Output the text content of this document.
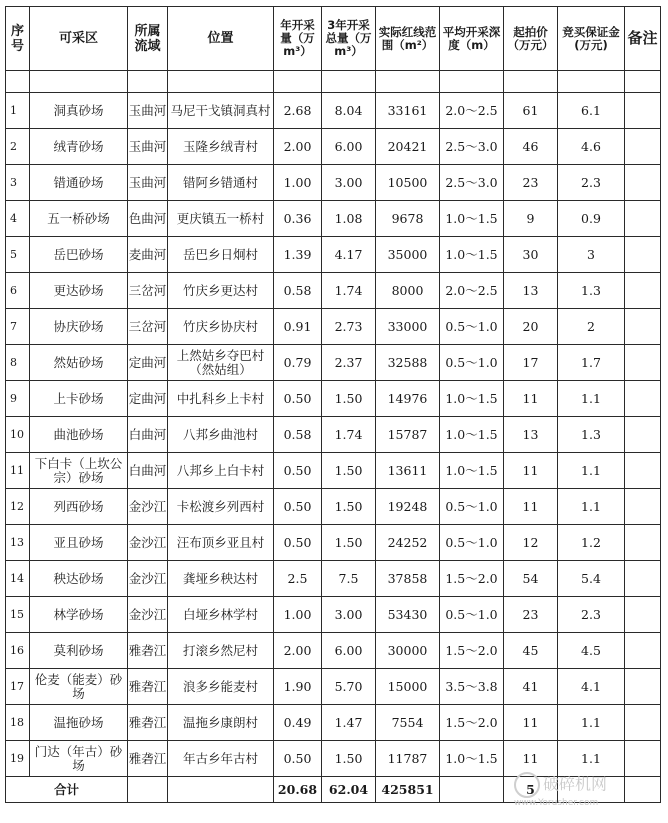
序号	可采区	所属流域	位置	年开采量（万m³）	3年开采总量（万m³）	实际红线范围（m²）	平均开采深度（m）	起拍价（万元）	竞买保证金(万元)	备注

1	洞真砂场	玉曲河	马尼干戈镇洞真村	2.68	8.04	33161	2.0～2.5	61	6.1	
2	绒青砂场	玉曲河	玉隆乡绒青村	2.00	6.00	20421	2.5～3.0	46	4.6	
3	错通砂场	玉曲河	错阿乡错通村	1.00	3.00	10500	2.5～3.0	23	2.3	
4	五一桥砂场	色曲河	更庆镇五一桥村	0.36	1.08	9678	1.0～1.5	9	0.9	
5	岳巴砂场	麦曲河	岳巴乡日炯村	1.39	4.17	35000	1.0～1.5	30	3	
6	更达砂场	三岔河	竹庆乡更达村	0.58	1.74	8000	2.0～2.5	13	1.3	
7	协庆砂场	三岔河	竹庆乡协庆村	0.91	2.73	33000	0.5～1.0	20	2	
8	然姑砂场	定曲河	上然姑乡夺巴村（然姑组）	0.79	2.37	32588	0.5～1.0	17	1.7	
9	上卡砂场	定曲河	中扎科乡上卡村	0.50	1.50	14976	1.0～1.5	11	1.1	
10	曲池砂场	白曲河	八邦乡曲池村	0.58	1.74	15787	1.0～1.5	13	1.3	
11	下白卡（上坎公宗）砂场	白曲河	八邦乡上白卡村	0.50	1.50	13611	1.0～1.5	11	1.1	
12	列西砂场	金沙江	卡松渡乡列西村	0.50	1.50	19248	0.5～1.0	11	1.1	
13	亚且砂场	金沙江	汪布顶乡亚且村	0.50	1.50	24252	0.5～1.0	12	1.2	
14	秧达砂场	金沙江	龚垭乡秧达村	2.5	7.5	37858	1.5～2.0	54	5.4	
15	林学砂场	金沙江	白垭乡林学村	1.00	3.00	53430	0.5～1.0	23	2.3	
16	莫利砂场	雅砻江	打滚乡然尼村	2.00	6.00	30000	1.5～2.0	45	4.5	
17	伦麦（能麦）砂场	雅砻江	浪多乡能麦村	1.90	5.70	15000	3.5～3.8	41	4.1	
18	温拖砂场	雅砻江	温拖乡康朗村	0.49	1.47	7554	1.5～2.0	11	1.1	
19	门达（年古）砂场	雅砻江	年古乡年古村	0.50	1.50	11787	1.0～1.5	11	1.1	
合计				20.68	62.04	425851		5		破碎机网
www.Yorusher.com
